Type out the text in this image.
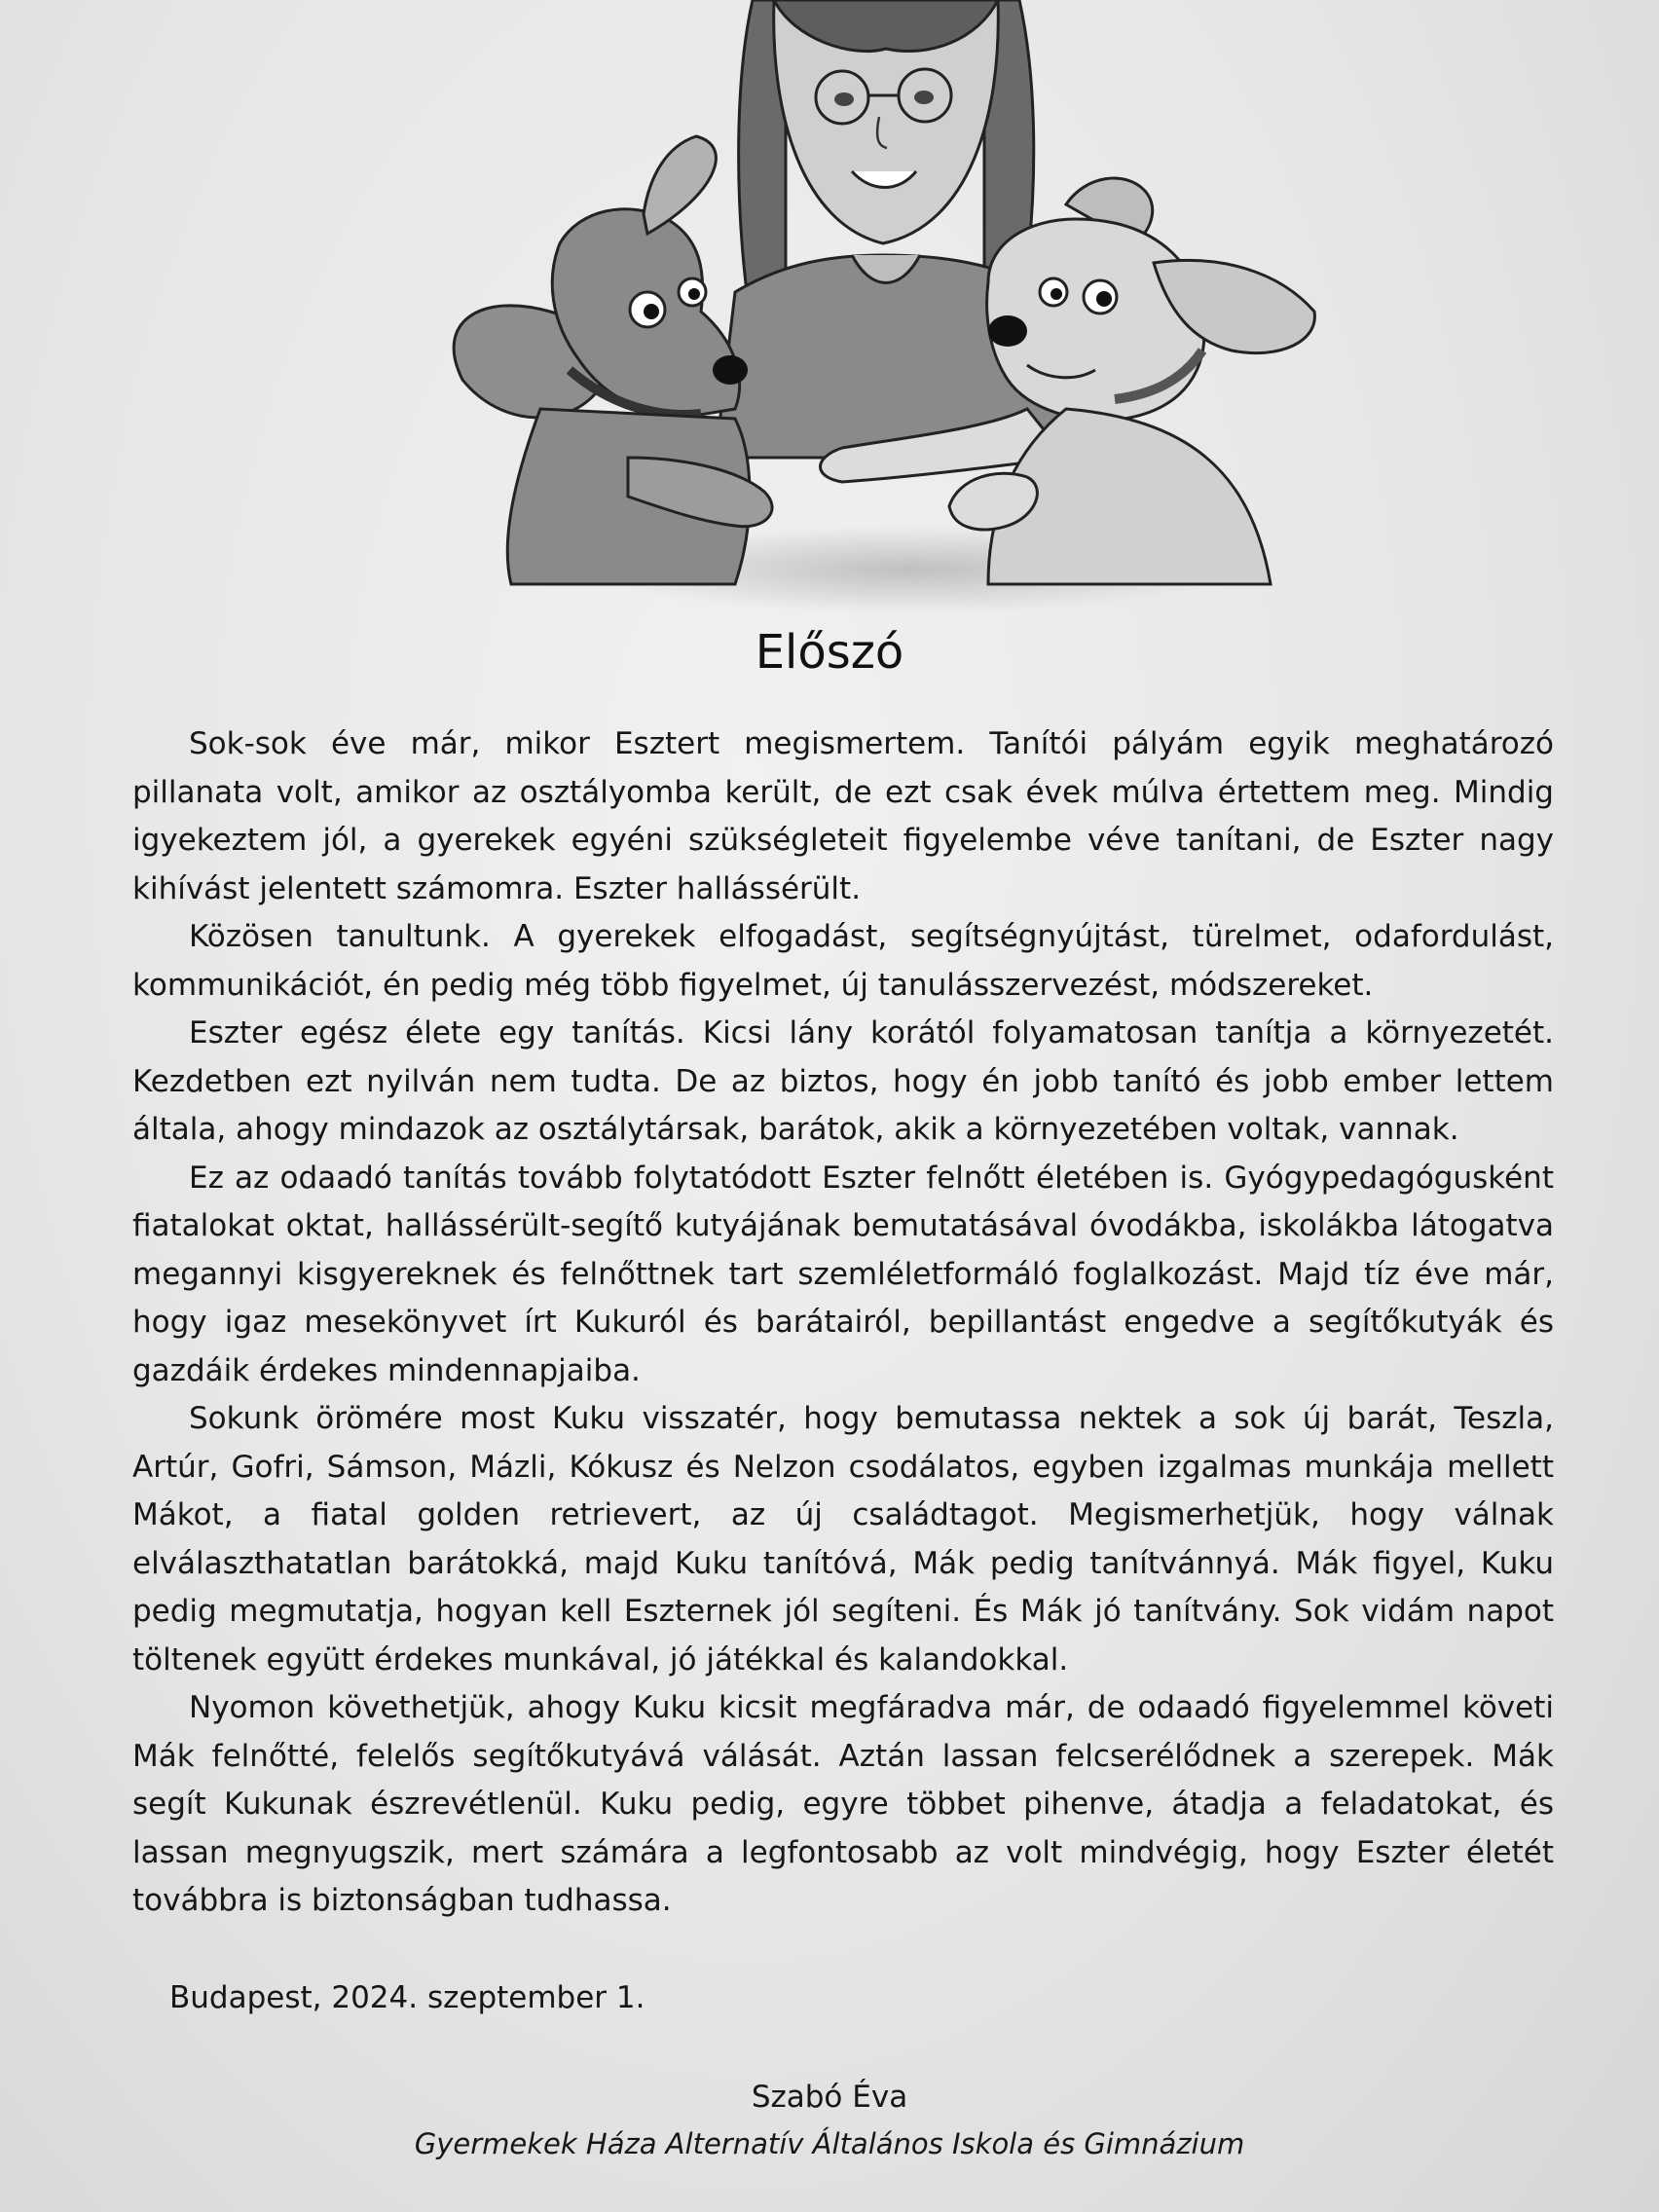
Előszó

Sok-sok éve már, mikor Esztert megismertem. Tanítói pályám egyik meghatározó pillanata volt, amikor az osztályomba került, de ezt csak évek múlva értettem meg. Mindig igyekeztem jól, a gyerekek egyéni szükségleteit figyelembe véve tanítani, de Eszter nagy kihívást jelentett számomra. Eszter hallássérült.

Közösen tanultunk. A gyerekek elfogadást, segítségnyújtást, türelmet, odafordulást, kommunikációt, én pedig még több figyelmet, új tanulásszervezést, módszereket.

Eszter egész élete egy tanítás. Kicsi lány korától folyamatosan tanítja a környezetét. Kezdetben ezt nyilván nem tudta. De az biztos, hogy én jobb tanító és jobb ember lettem általa, ahogy mindazok az osztálytársak, barátok, akik a környezetében voltak, vannak.

Ez az odaadó tanítás tovább folytatódott Eszter felnőtt életében is. Gyógypedagógusként fiatalokat oktat, hallássérült-segítő kutyájának bemutatásával óvodákba, iskolákba látogatva megannyi kisgyereknek és felnőttnek tart szemléletformáló foglalkozást. Majd tíz éve már, hogy igaz mesekönyvet írt Kukuról és barátairól, bepillantást engedve a segítőkutyák és gazdáik érdekes mindennapjaiba.

Sokunk örömére most Kuku visszatér, hogy bemutassa nektek a sok új barát, Teszla, Artúr, Gofri, Sámson, Mázli, Kókusz és Nelzon csodálatos, egyben izgalmas munkája mellett Mákot, a fiatal golden retrievert, az új családtagot. Megismerhetjük, hogy válnak elválaszthatatlan barátokká, majd Kuku tanítóvá, Mák pedig tanítvánnyá. Mák figyel, Kuku pedig megmutatja, hogyan kell Eszternek jól segíteni. És Mák jó tanítvány. Sok vidám napot töltenek együtt érdekes munkával, jó játékkal és kalandokkal.

Nyomon követhetjük, ahogy Kuku kicsit megfáradva már, de odaadó figyelemmel követi Mák felnőtté, felelős segítőkutyává válását. Aztán lassan felcserélődnek a szerepek. Mák segít Kukunak észrevétlenül. Kuku pedig, egyre többet pihenve, átadja a feladatokat, és lassan megnyugszik, mert számára a legfontosabb az volt mindvégig, hogy Eszter életét továbbra is biztonságban tudhassa.

Budapest, 2024. szeptember 1.

Szabó Éva
Gyermekek Háza Alternatív Általános Iskola és Gimnázium
